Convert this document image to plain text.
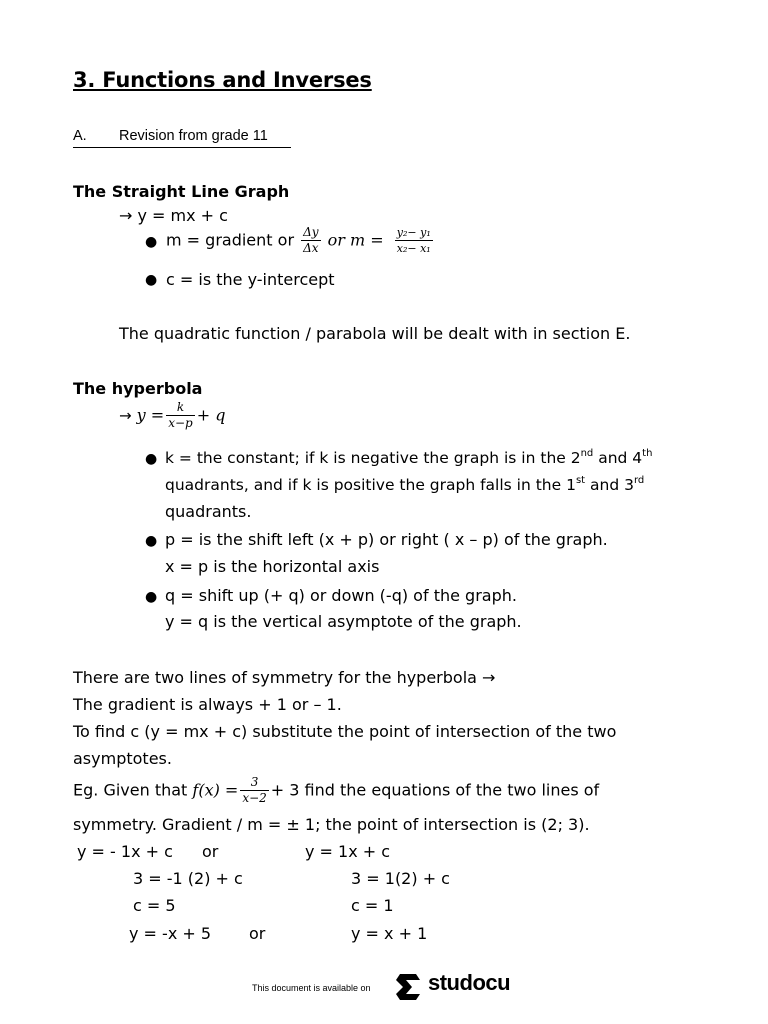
3. Functions and Inverses
A. Revision from grade 11
The Straight Line Graph
→ y = mx + c
● m = gradient or $\frac{\Delta y}{\Delta x}$ or $m = \frac{\text{y₂− y₁}}{\text{x₂− x₁}}$
● c = is the y-intercept
The quadratic function / parabola will be dealt with in section E.
The hyperbola
→ $y = \frac{k}{x-p} + q$
● k = the constant; if k is negative the graph is in the 2nd and 4th
quadrants, and if k is positive the graph falls in the 1st and 3rd
quadrants.
● p = is the shift left (x + p) or right ( x – p) of the graph.
x = p is the horizontal axis
● q = shift up (+ q) or down (-q) of the graph.
y = q is the vertical asymptote of the graph.
There are two lines of symmetry for the hyperbola →
The gradient is always + 1 or – 1.
To find c (y = mx + c) substitute the point of intersection of the two
asymptotes.
Eg. Given that $f(x) = \frac{3}{x-2} + 3$ find the equations of the two lines of
symmetry. Gradient / m = ± 1; the point of intersection is (2; 3).
y = - 1x + c or	y = 1x + c
3 = -1 (2) + c	3 = 1(2) + c
c = 5	c = 1
y = -x + 5 or	y = x + 1
This document is available on	studocu
